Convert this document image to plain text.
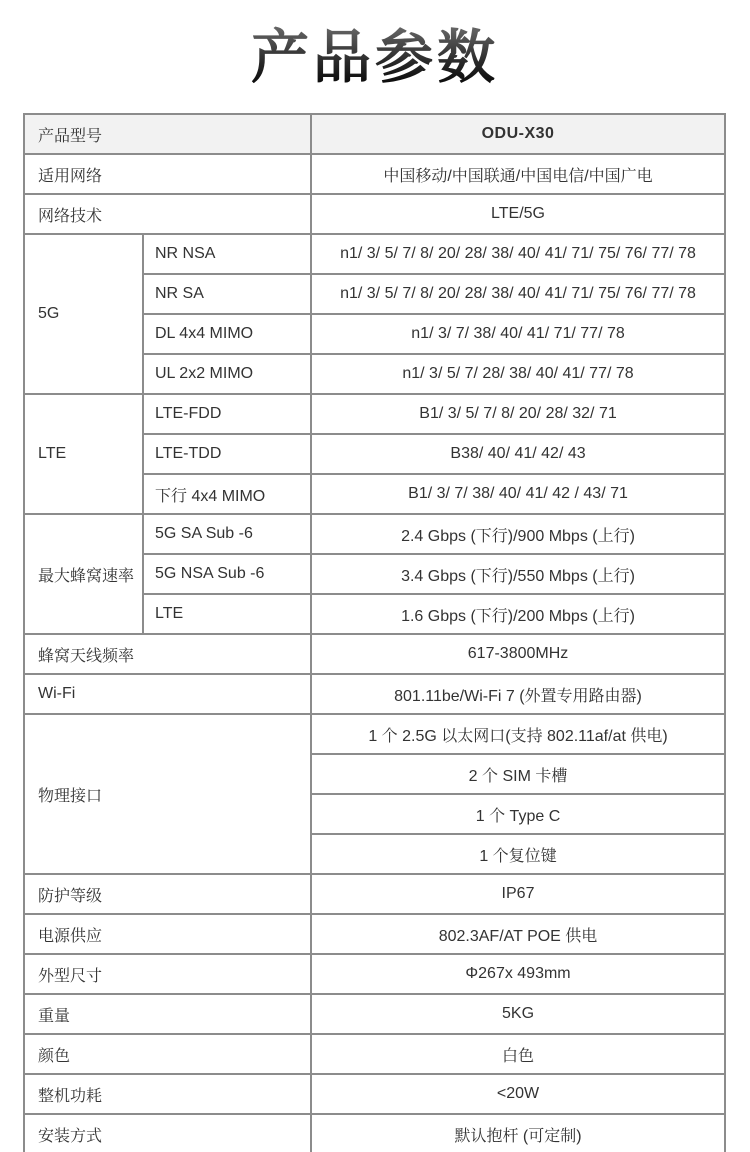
产品参数
产品型号		ODU-X30
适用网络		中国移动/中国联通/中国电信/中国广电
网络技术		LTE/5G
5G	NR NSA	n1/ 3/ 5/ 7/ 8/ 20/ 28/ 38/ 40/ 41/ 71/ 75/ 76/ 77/ 78
	NR SA	n1/ 3/ 5/ 7/ 8/ 20/ 28/ 38/ 40/ 41/ 71/ 75/ 76/ 77/ 78
	DL 4x4 MIMO	n1/ 3/ 7/ 38/ 40/ 41/ 71/ 77/ 78
	UL 2x2 MIMO	n1/ 3/ 5/ 7/ 28/ 38/ 40/ 41/ 77/ 78
LTE	LTE-FDD	B1/ 3/ 5/ 7/ 8/ 20/ 28/ 32/ 71
	LTE-TDD	B38/ 40/ 41/ 42/ 43
	下行 4x4 MIMO	B1/ 3/ 7/ 38/ 40/ 41/ 42 / 43/ 71
最大蜂窝速率	5G SA Sub -6	2.4 Gbps (下行)/900 Mbps (上行)
	5G NSA Sub -6	3.4 Gbps (下行)/550 Mbps (上行)
	LTE	1.6 Gbps (下行)/200 Mbps (上行)
蜂窝天线频率		617-3800MHz
Wi-Fi		801.11be/Wi-Fi 7 (外置专用路由器)
物理接口		1 个 2.5G 以太网口(支持 802.11af/at 供电)
		2 个 SIM 卡槽
		1 个 Type C
		1 个复位键
防护等级		IP67
电源供应		802.3AF/AT POE 供电
外型尺寸		Φ267x 493mm
重量		5KG
颜色		白色
整机功耗		<20W
安装方式		默认抱杆 (可定制)
